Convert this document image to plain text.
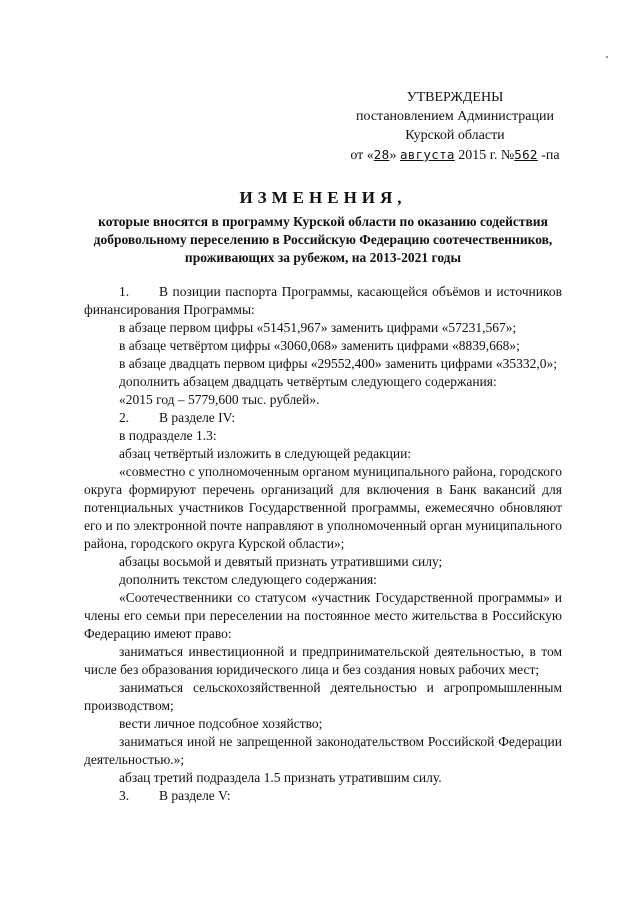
УТВЕРЖДЕНЫ
постановлением Администрации
Курской области
от «28» августа 2015 г. №562 -па
ИЗМЕНЕНИЯ,
которые вносятся в программу Курской области по оказанию содействия добровольному переселению в Российскую Федерацию соотечественников, проживающих за рубежом, на 2013-2021 годы

1. В позиции паспорта Программы, касающейся объёмов и источников финансирования Программы:

в абзаце первом цифры «51451,967» заменить цифрами «57231,567»;

в абзаце четвёртом цифры «3060,068» заменить цифрами «8839,668»;

в абзаце двадцать первом цифры «29552,400» заменить цифрами «35332,0»;

дополнить абзацем двадцать четвёртым следующего содержания:

«2015 год – 5779,600 тыс. рублей».

2. В разделе IV:

в подразделе 1.3:

абзац четвёртый изложить в следующей редакции:

«совместно с уполномоченным органом муниципального района, городского округа формируют перечень организаций для включения в Банк вакансий для потенциальных участников Государственной программы, ежемесячно обновляют его и по электронной почте направляют в уполномоченный орган муниципального района, городского округа Курской области»;

абзацы восьмой и девятый признать утратившими силу;

дополнить текстом следующего содержания:

«Соотечественники со статусом «участник Государственной программы» и члены его семьи при переселении на постоянное место жительства в Российскую Федерацию имеют право:

заниматься инвестиционной и предпринимательской деятельностью, в том числе без образования юридического лица и без создания новых рабочих мест;

заниматься сельскохозяйственной деятельностью и агропромышленным производством;

вести личное подсобное хозяйство;

заниматься иной не запрещенной законодательством Российской Федерации деятельностью.»;

абзац третий подраздела 1.5 признать утратившим силу.

3. В разделе V:
